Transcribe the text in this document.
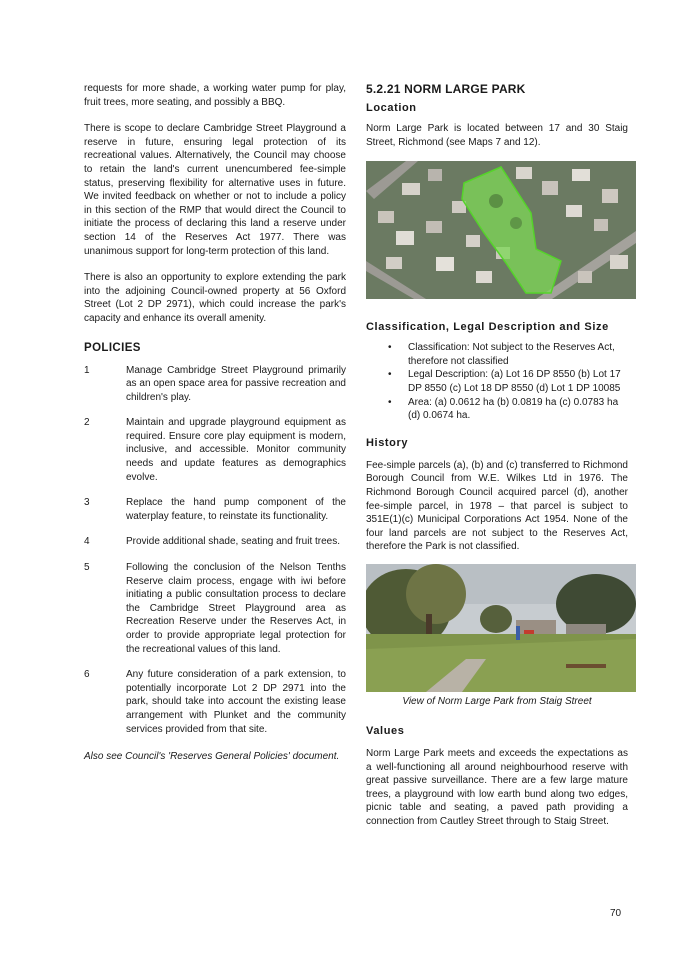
requests for more shade, a working water pump for play, fruit trees, more seating, and possibly a BBQ.

There is scope to declare Cambridge Street Playground a reserve in future, ensuring legal protection of its recreational values. Alternatively, the Council may choose to retain the land's current unencumbered fee-simple status, preserving flexibility for alternative uses in future. We invited feedback on whether or not to include a policy in this section of the RMP that would direct the Council to initiate the process of declaring this land a reserve under section 14 of the Reserves Act 1977. There was unanimous support for long-term protection of this land.

There is also an opportunity to explore extending the park into the adjoining Council-owned property at 56 Oxford Street (Lot 2 DP 2971), which could increase the park's capacity and enhance its overall amenity.

POLICIES
1	Manage Cambridge Street Playground primarily as an open space area for passive recreation and children's play.
2	Maintain and upgrade playground equipment as required. Ensure core play equipment is modern, inclusive, and accessible. Monitor community needs and update features as demographics evolve.
3	Replace the hand pump component of the waterplay feature, to reinstate its functionality.
4	Provide additional shade, seating and fruit trees.
5	Following the conclusion of the Nelson Tenths Reserve claim process, engage with iwi before initiating a public consultation process to declare the Cambridge Street Playground area as Recreation Reserve under the Reserves Act, in order to provide appropriate legal protection for the recreational values of this land.
6	Any future consideration of a park extension, to potentially incorporate Lot 2 DP 2971 into the park, should take into account the existing lease arrangement with Plunket and the community services provided from that site.

Also see Council's 'Reserves General Policies' document.

5.2.21 NORM LARGE PARK
Location

Norm Large Park is located between 17 and 30 Staig Street, Richmond (see Maps 7 and 12).

Classification, Legal Description and Size
• Classification: Not subject to the Reserves Act, therefore not classified
• Legal Description: (a) Lot 16 DP 8550 (b) Lot 17 DP 8550 (c) Lot 18 DP 8550 (d) Lot 1 DP 10085
• Area: (a) 0.0612 ha (b) 0.0819 ha (c) 0.0783 ha (d) 0.0674 ha.
History

Fee-simple parcels (a), (b) and (c) transferred to Richmond Borough Council from W.E. Wilkes Ltd in 1976. The Richmond Borough Council acquired parcel (d), another fee-simple parcel, in 1978 – that parcel is subject to 351E(1)(c) Municipal Corporations Act 1954. None of the four land parcels are not subject to the Reserves Act, therefore the Park is not classified.

View of Norm Large Park from Staig Street
Values

Norm Large Park meets and exceeds the expectations as a well-functioning all around neighbourhood reserve with great passive surveillance. There are a few large mature trees, a playground with low earth bund along two edges, picnic table and seating, a paved path providing a connection from Cautley Street through to Staig Street.

70
